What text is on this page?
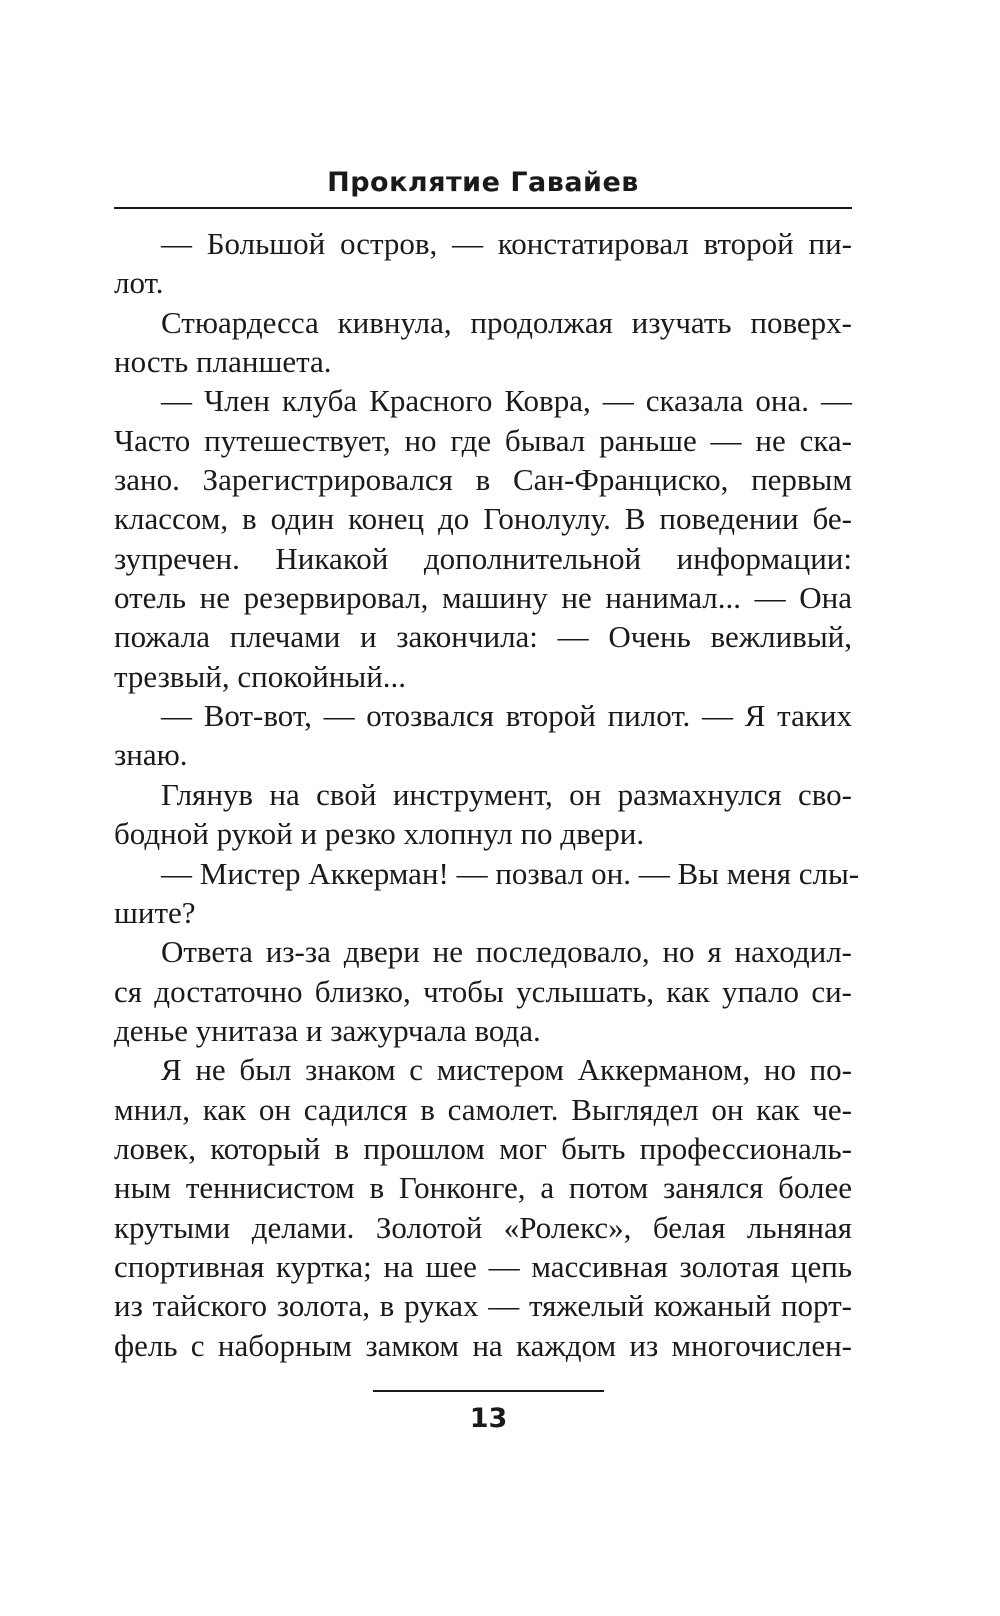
Проклятие Гавайев
— Большой остров, — констатировал второй пи-
лот.
Стюардесса кивнула, продолжая изучать поверх-
ность планшета.
— Член клуба Красного Ковра, — сказала она. —
Часто путешествует, но где бывал раньше — не ска-
зано. Зарегистрировался в Сан-Франциско, первым
классом, в один конец до Гонолулу. В поведении бе-
зупречен. Никакой дополнительной информации:
отель не резервировал, машину не нанимал... — Она
пожала плечами и закончила: — Очень вежливый,
трезвый, спокойный...
— Вот-вот, — отозвался второй пилот. — Я таких
знаю.
Глянув на свой инструмент, он размахнулся сво-
бодной рукой и резко хлопнул по двери.
— Мистер Аккерман! — позвал он. — Вы меня слы-
шите?
Ответа из-за двери не последовало, но я находил-
ся достаточно близко, чтобы услышать, как упало си-
денье унитаза и зажурчала вода.
Я не был знаком с мистером Аккерманом, но по-
мнил, как он садился в самолет. Выглядел он как че-
ловек, который в прошлом мог быть профессиональ-
ным теннисистом в Гонконге, а потом занялся более
крутыми делами. Золотой «Ролекс», белая льняная
спортивная куртка; на шее — массивная золотая цепь
из тайского золота, в руках — тяжелый кожаный порт-
фель с наборным замком на каждом из многочислен-
13
